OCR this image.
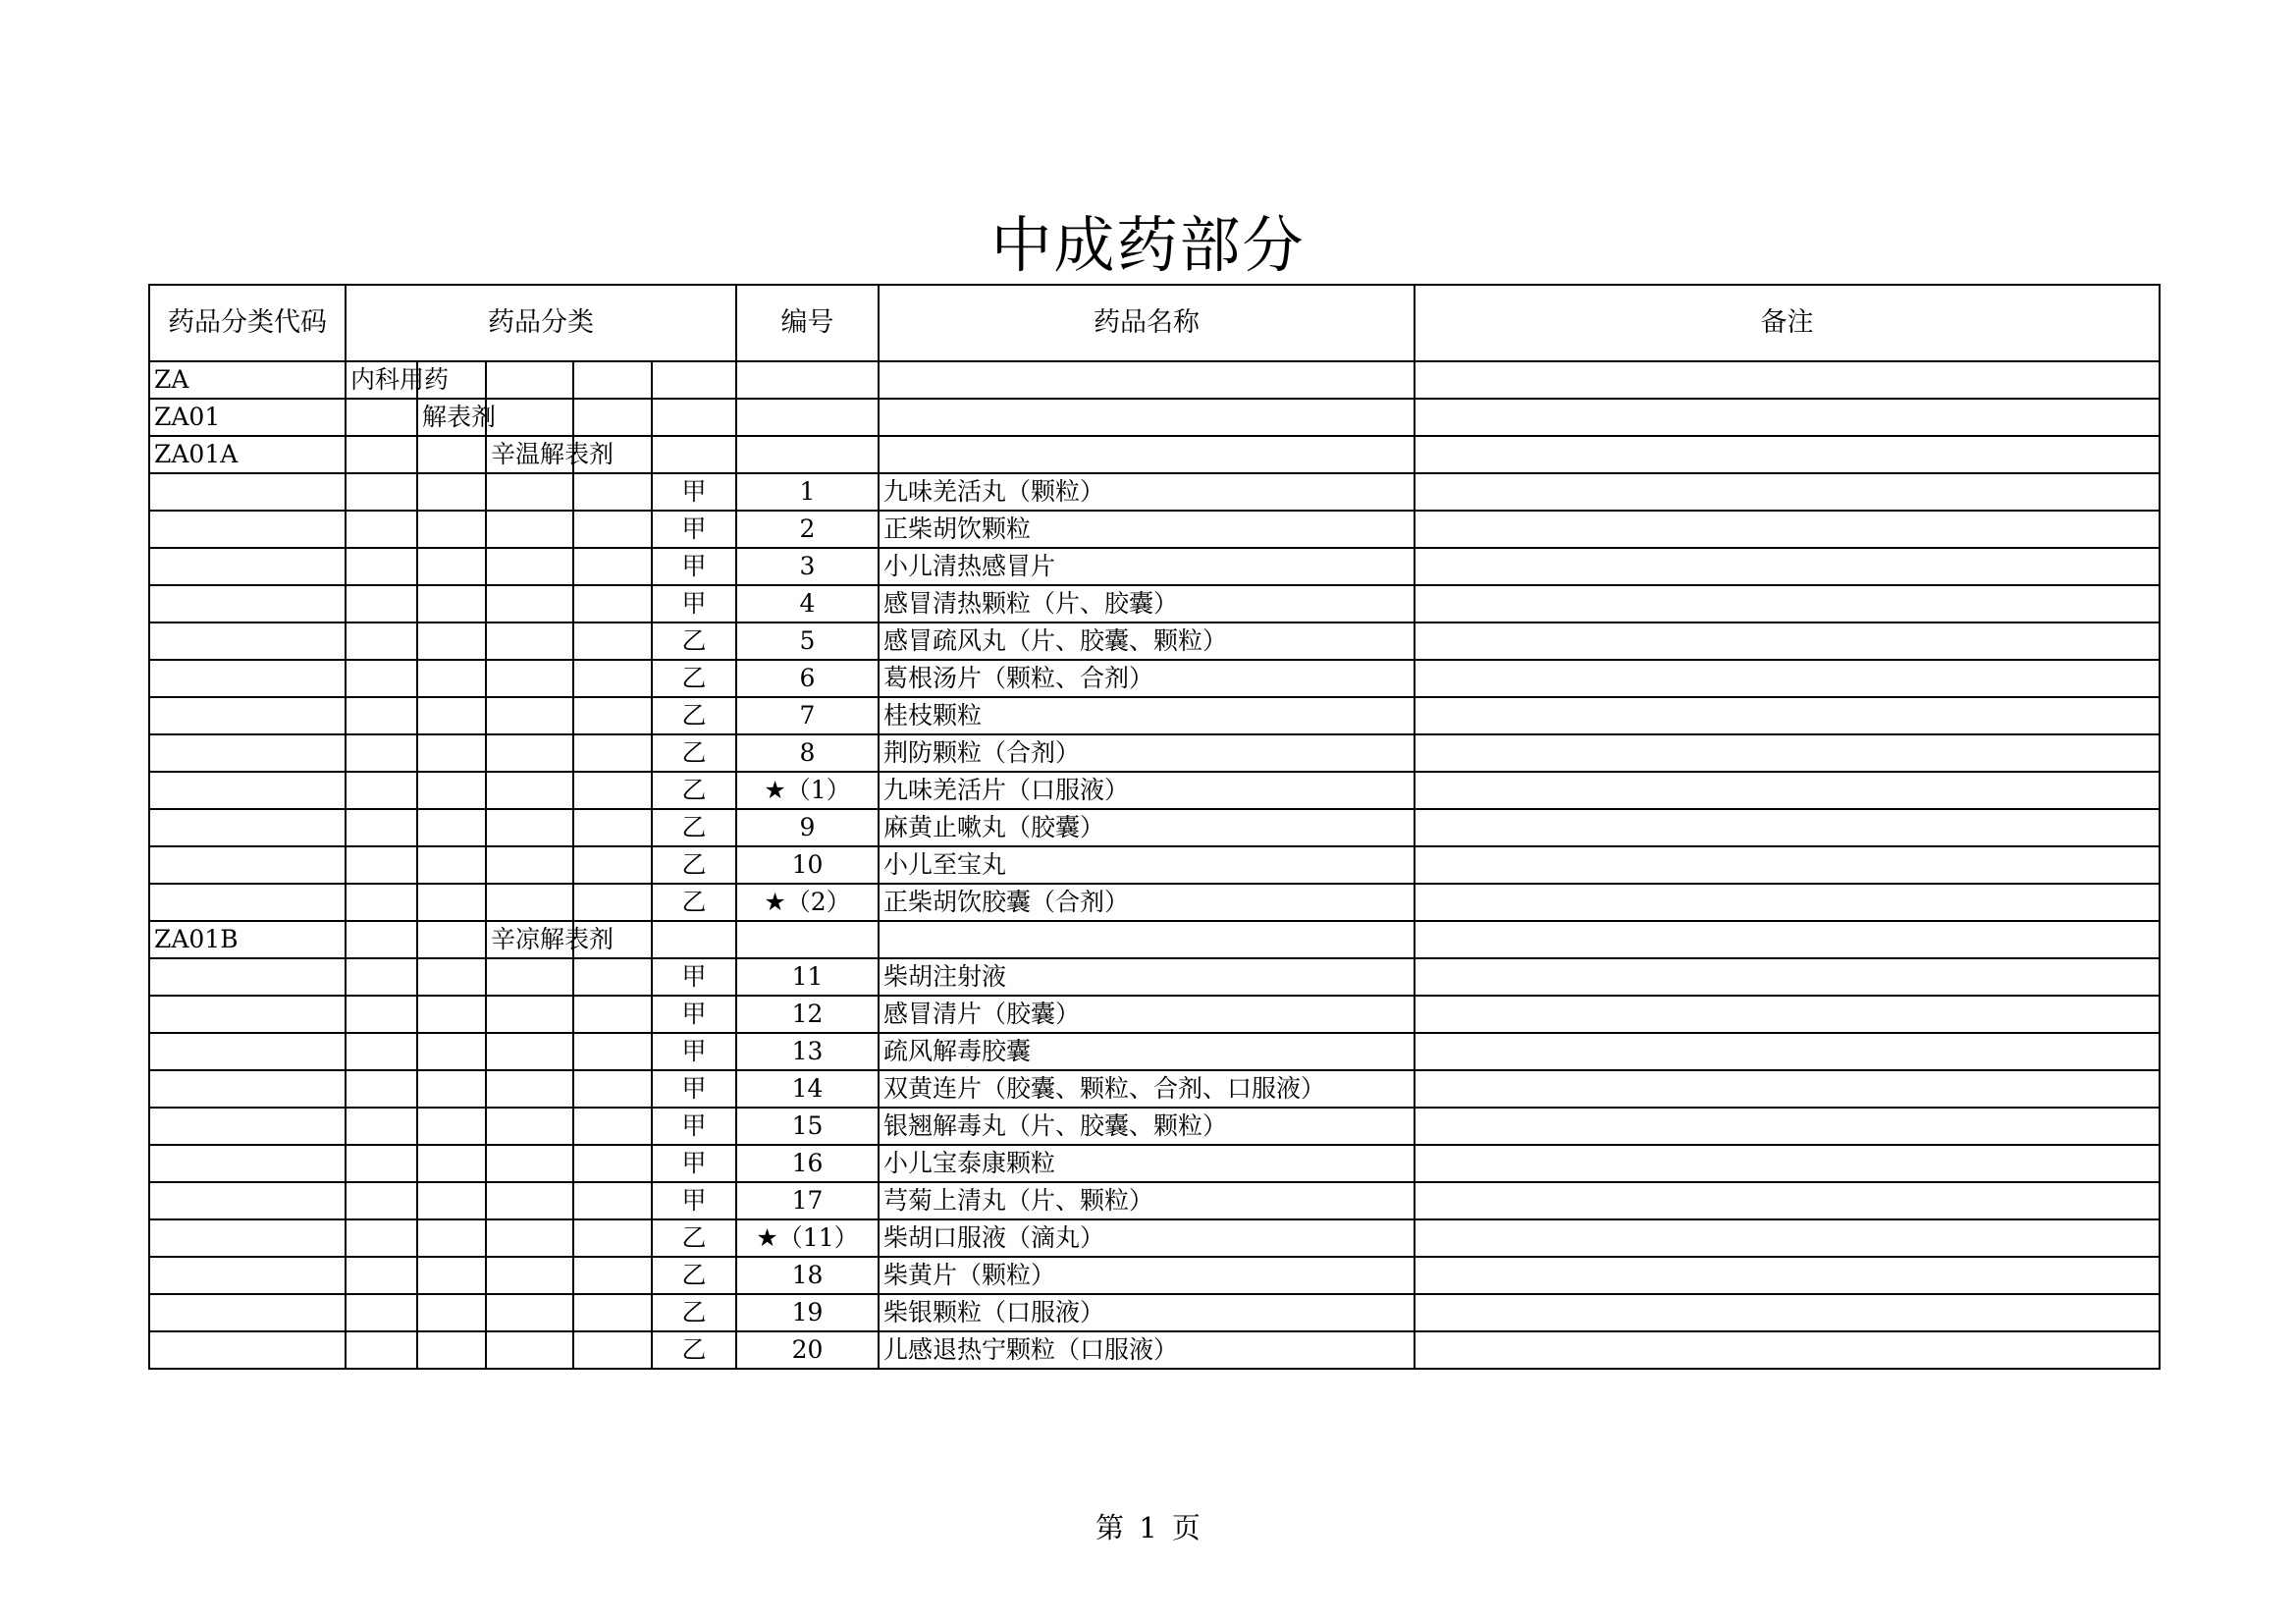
中成药部分
药品分类代码	药品分类					编号	药品名称	备注
ZA	内科用药							

ZA01		解表剂						

ZA01A			辛温解表剂					

					甲	1	九味羌活丸（颗粒）	
					甲	2	正柴胡饮颗粒	
					甲	3	小儿清热感冒片	
					甲	4	感冒清热颗粒（片、胶囊）	
					乙	5	感冒疏风丸（片、胶囊、颗粒）	
					乙	6	葛根汤片（颗粒、合剂）	
					乙	7	桂枝颗粒	
					乙	8	荆防颗粒（合剂）	
					乙	★（1）	九味羌活片（口服液）	
					乙	9	麻黄止嗽丸（胶囊）	
					乙	10	小儿至宝丸	
					乙	★（2）	正柴胡饮胶囊（合剂）	
ZA01B			辛凉解表剂					

					甲	11	柴胡注射液	
					甲	12	感冒清片（胶囊）	
					甲	13	疏风解毒胶囊	
					甲	14	双黄连片（胶囊、颗粒、合剂、口服液）	
					甲	15	银翘解毒丸（片、胶囊、颗粒）	
					甲	16	小儿宝泰康颗粒	
					甲	17	芎菊上清丸（片、颗粒）	
					乙	★（11）	柴胡口服液（滴丸）	
					乙	18	柴黄片（颗粒）	
					乙	19	柴银颗粒（口服液）	
					乙	20	儿感退热宁颗粒（口服液）	
第 1 页
